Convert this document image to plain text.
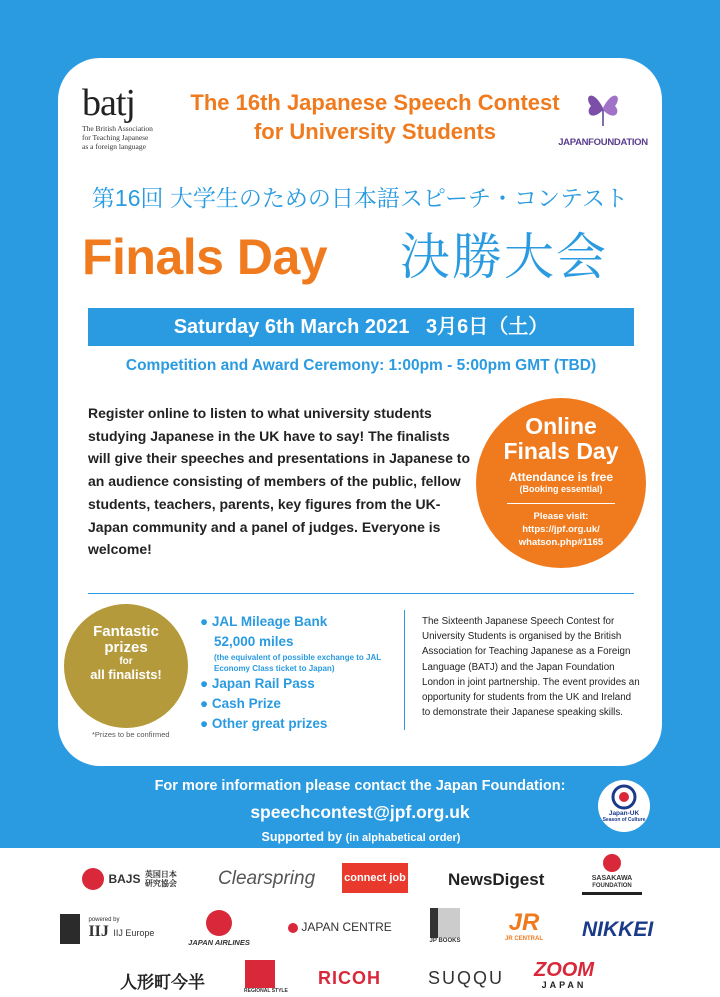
batj
The British Association
for Teaching Japanese
as a foreign language
The 16th Japanese Speech Contest
for University Students	JAPANFOUNDATION
第16回 大学生のための日本語スピーチ・コンテスト
Finals Day 決勝大会
Saturday 6th March 2021   3月6日（土）
Competition and Award Ceremony: 1:00pm - 5:00pm GMT (TBD)
Register online to listen to what university students studying Japanese in the UK have to say! The finalists will give their speeches and presentations in Japanese to an audience consisting of members of the public, fellow students, teachers, parents, key figures from the UK-Japan community and a panel of judges. Everyone is welcome!
Online
Finals Day
Attendance is free
(Booking essential)
Please visit:
https://jpf.org.uk/
whatson.php#1165
Fantastic
prizes
for
all finalists!
● JAL Mileage Bank
52,000 miles
(the equivalent of possible exchange to JAL Economy Class ticket to Japan)
● Japan Rail Pass
● Cash Prize
● Other great prizes
*Prizes to be confirmed
The Sixteenth Japanese Speech Contest for University Students is organised by the British Association for Teaching Japanese as a Foreign Language (BATJ) and the Japan Foundation London in joint partnership. The event provides an opportunity for students from the UK and Ireland to demonstrate their Japanese speaking skills.
For more information please contact the Japan Foundation:
speechcontest@jpf.org.uk	Japan-UK
Season of Culture
Supported by (in alphabetical order)
BAJS 英国日本研究協会 Clearspring	connect job NewsDigest	SASAKAWA
FOUNDATION

powered by
IIJ IIJ Europe
JAPAN AIRLINES
JAPAN CENTRE
JP BOOKS
JR
JR CENTRAL NIKKEI
人形町今半	REGIONAL STYLE
RICOH	SUQQU ZOOM
JAPAN
